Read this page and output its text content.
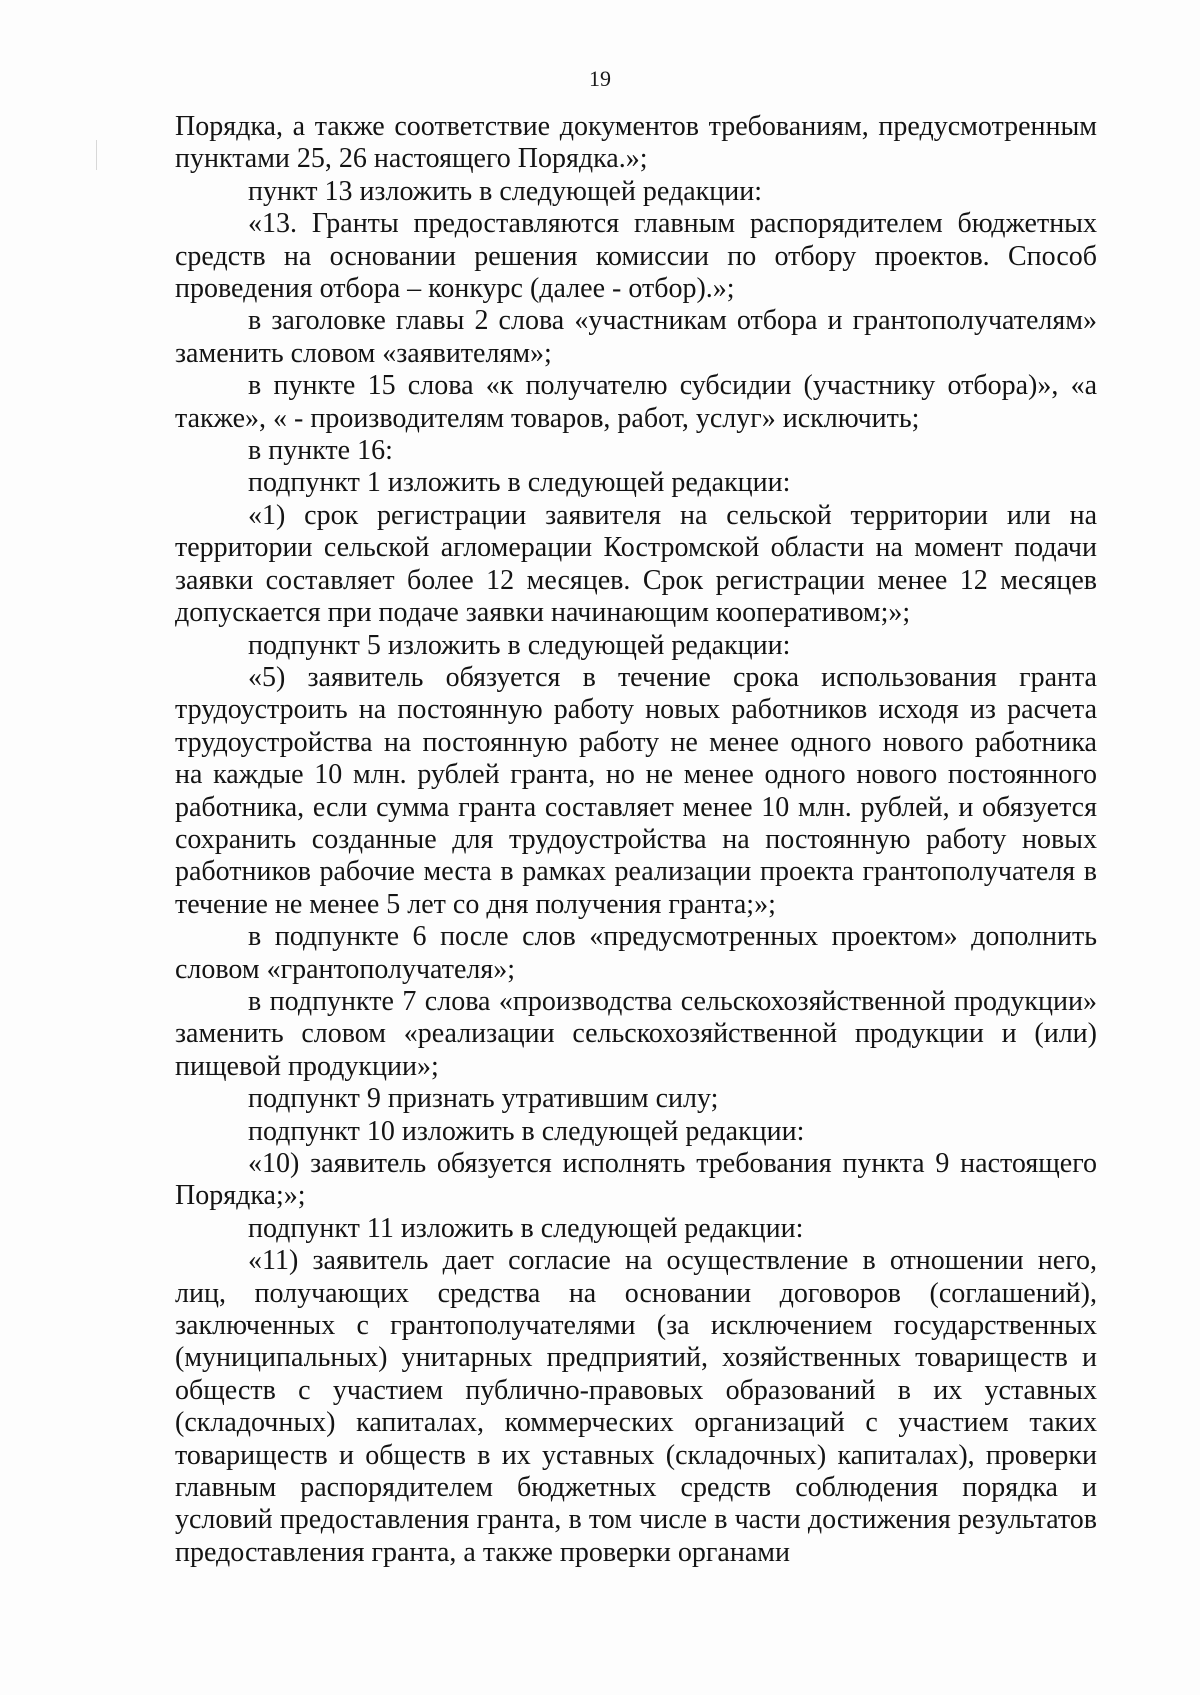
19

Порядка, а также соответствие документов требованиям, предусмотренным пунктами 25, 26 настоящего Порядка.»;

пункт 13 изложить в следующей редакции:

«13. Гранты предоставляются главным распорядителем бюджетных средств на основании решения комиссии по отбору проектов. Способ проведения отбора – конкурс (далее - отбор).»;

в заголовке главы 2 слова «участникам отбора и грантополучателям» заменить словом «заявителям»;

в пункте 15 слова «к получателю субсидии (участнику отбора)», «а также», « - производителям товаров, работ, услуг» исключить;

в пункте 16:

подпункт 1 изложить в следующей редакции:

«1) срок регистрации заявителя на сельской территории или на территории сельской агломерации Костромской области на момент подачи заявки составляет более 12 месяцев. Срок регистрации менее 12 месяцев допускается при подаче заявки начинающим кооперативом;»;

подпункт 5 изложить в следующей редакции:

«5) заявитель обязуется в течение срока использования гранта трудоустроить на постоянную работу новых работников исходя из расчета трудоустройства на постоянную работу не менее одного нового работника на каждые 10 млн. рублей гранта, но не менее одного нового постоянного работника, если сумма гранта составляет менее 10 млн. рублей, и обязуется сохранить созданные для трудоустройства на постоянную работу новых работников рабочие места в рамках реализации проекта грантополучателя в течение не менее 5 лет со дня получения гранта;»;

в подпункте 6 после слов «предусмотренных проектом» дополнить словом «грантополучателя»;

в подпункте 7 слова «производства сельскохозяйственной продукции» заменить словом «реализации сельскохозяйственной продукции и (или) пищевой продукции»;

подпункт 9 признать утратившим силу;

подпункт 10 изложить в следующей редакции:

«10) заявитель обязуется исполнять требования пункта 9 настоящего Порядка;»;

подпункт 11 изложить в следующей редакции:

«11) заявитель дает согласие на осуществление в отношении него, лиц, получающих средства на основании договоров (соглашений), заключенных с грантополучателями (за исключением государственных (муниципальных) унитарных предприятий, хозяйственных товариществ и обществ с участием публично-правовых образований в их уставных (складочных) капиталах, коммерческих организаций с участием таких товариществ и обществ в их уставных (складочных) капиталах), проверки главным распорядителем бюджетных средств соблюдения порядка и условий предоставления гранта, в том числе в части достижения результатов предоставления гранта, а также проверки органами
